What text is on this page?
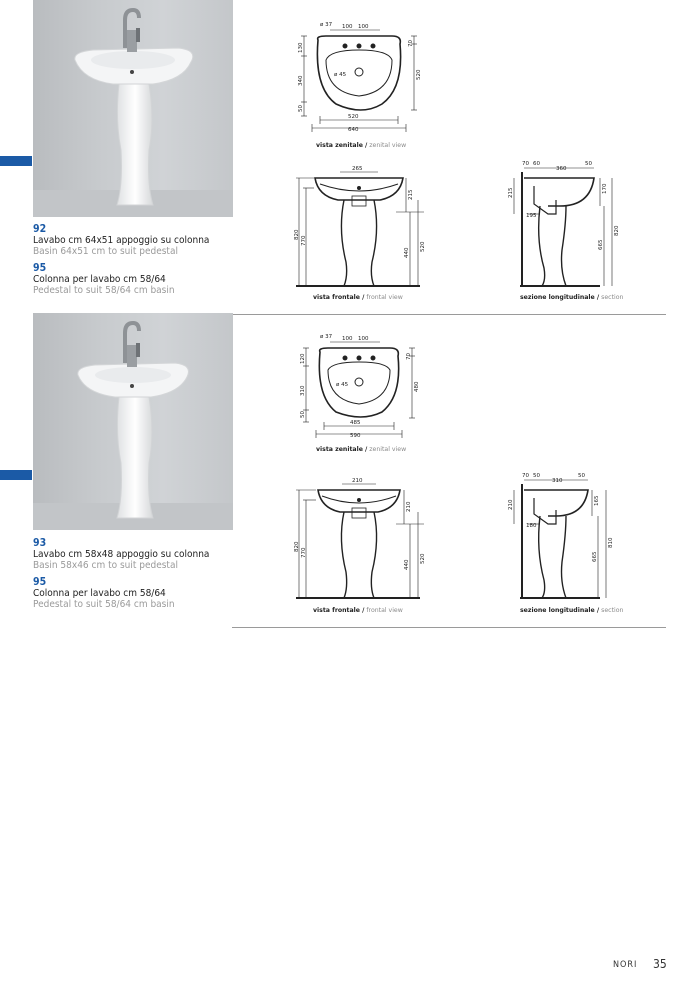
92
Lavabo cm 64x51 appoggio su colonna
Basin 64x51 cm to suit pedestal
95
Colonna per lavabo cm 58/64
Pedestal to suit 58/64 cm basin
93
Lavabo cm 58x48 appoggio su colonna
Basin 58x46 cm to suit pedestal
95
Colonna per lavabo cm 58/64
Pedestal to suit 58/64 cm basin
ø 37 100 100
ø 45
520
640
130
340
50
70
520
265
820
770
215
440
520
70 60
360
50
215
195
170
665
820
ø 37 100 100
ø 45
485
590
120
310
50
70
480
210
820
770
210
440
520
70 50
310
50
210
180
165
665
810
vista zenitale / zenital view
vista frontale / frontal view	sezione longitudinale / section
vista zenitale / zenital view
vista frontale / frontal view	sezione longitudinale / section
NORI 35
